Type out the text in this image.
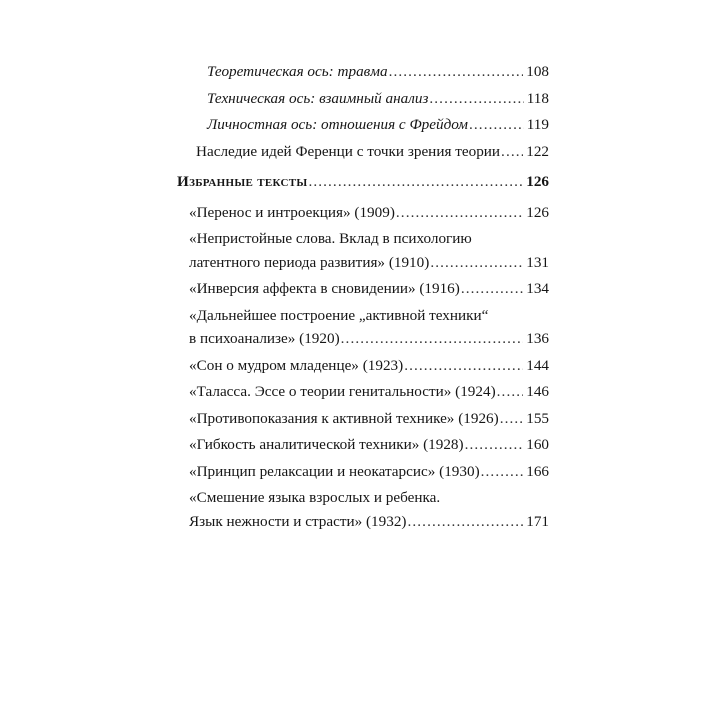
Теоретическая ось: травма .....	108
Техническая ось: взаимный анализ .....	118
Личностная ось: отношения с Фрейдом .....	119
Наследие идей Ференци с точки зрения теории ..... 122
Избранные тексты .....	126
«Перенос и интроекция» (1909) .....	126
«Непристойные слова. Вклад в психологию
латентного периода развития» (1910) .....	131
«Инверсия аффекта в сновидении» (1916) .....	134
«Дальнейшее построение „активной техники“
в психоанализе» (1920) .....	136
«Сон о мудром младенце» (1923) .....	144
«Таласса. Эссе о теории генитальности» (1924) ..... 146
«Противопоказания к активной технике» (1926) ..... 155
«Гибкость аналитической техники» (1928) .....	160
«Принцип релаксации и неокатарсис» (1930) .....	166
«Смешение языка взрослых и ребенка.
Язык нежности и страсти» (1932) .....	171
